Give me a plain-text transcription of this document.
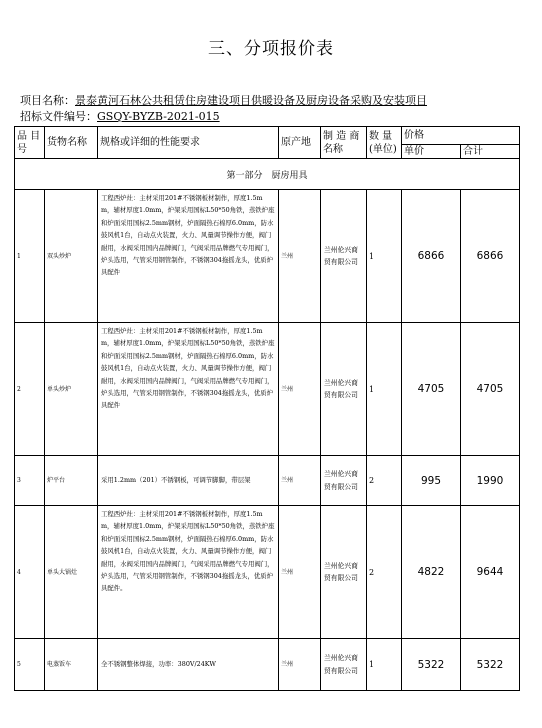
三、分项报价表
项目名称：景泰黄河石林公共租赁住房建设项目供暖设备及厨房设备采购及安装项目
招标文件编号：GSQY-BYZB-2021-015
品 目 号	货物名称	规格或详细的性能要求	原产地	制 造 商 名称	数 量 (单位)	价格	
						单价	合计
第一部分　厨房用具							
1	双头炒炉	工程西炉灶：主材采用201#不锈钢板材制作，厚度1.5mm，辅材厚度1.0mm，炉架采用国标L50*50角铁，蒸铁炉座和炉面采用国标2.5mm钢材，炉面隔热石棉厚6.0mm，防水鼓风机1台，自动点火装置，火力、风量调节操作方便，阀门耐用，水阀采用国内品牌阀门，气阀采用品牌燃气专用阀门，炉头选用，气管采用钢管制作，不锈钢304拖摇龙头，优质炉具配件	兰州	兰州伦兴商贸有限公司	1	6866	6866
2	单头炒炉	工程西炉灶：主材采用201#不锈钢板材制作，厚度1.5mm，辅材厚度1.0mm，炉架采用国标L50*50角铁，蒸铁炉座和炉面采用国标2.5mm钢材，炉面隔热石棉厚6.0mm，防水鼓风机1台，自动点火装置，火力、风量调节操作方便，阀门耐用，水阀采用国内品牌阀门，气阀采用品牌燃气专用阀门，炉头选用，气管采用钢管制作，不锈钢304拖摇龙头，优质炉具配件	兰州	兰州伦兴商贸有限公司	1	4705	4705
3	炉平台	采用1.2mm（201）不锈钢板，可调节脚脚，带层架	兰州	兰州伦兴商贸有限公司	2	995	1990
4	单头大锅灶	工程西炉灶：主材采用201#不锈钢板材制作，厚度1.5mm，辅材厚度1.0mm，炉架采用国标L50*50角铁，蒸铁炉座和炉面采用国标2.5mm钢材，炉面隔热石棉厚6.0mm，防水鼓风机1台，自动点火装置，火力、风量调节操作方便，阀门耐用，水阀采用国内品牌阀门，气阀采用品牌燃气专用阀门，炉头选用，气管采用钢管制作，不锈钢304拖摇龙头，优质炉具配件。	兰州	兰州伦兴商贸有限公司	2	4822	9644
5	电蒸饭车	全不锈钢整体焊接，功率：380V/24KW	兰州	兰州伦兴商贸有限公司	1	5322	5322
